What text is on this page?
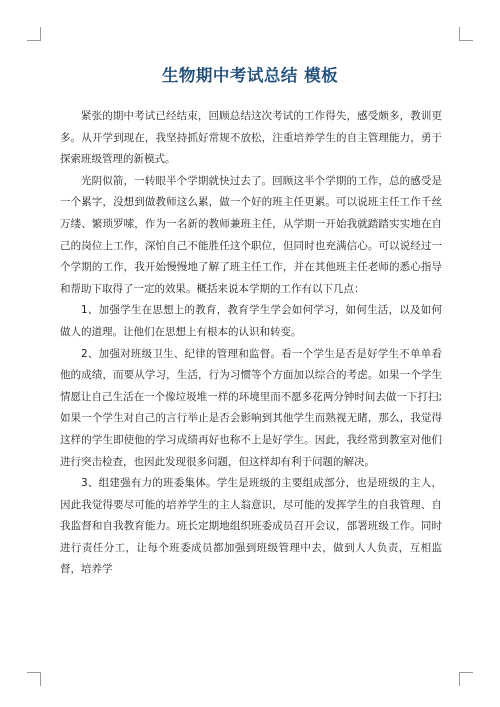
生物期中考试总结 模板

紧张的期中考试已经结束，回顾总结这次考试的工作得失，感受颇多，教训更多。从开学到现在，我坚持抓好常规不放松，注重培养学生的自主管理能力，勇于探索班级管理的新模式。

光阴似箭，一转眼半个学期就快过去了。回顾这半个学期的工作，总的感受是一个累字，没想到做教师这么累，做一个好的班主任更累。可以说班主任工作千丝万缕、繁琐罗嗦，作为一名新的教师兼班主任，从学期一开始我就踏踏实实地在自己的岗位上工作，深怕自己不能胜任这个职位，但同时也充满信心。可以说经过一个学期的工作，我开始慢慢地了解了班主任工作，并在其他班主任老师的悉心指导和帮助下取得了一定的效果。概括来说本学期的工作有以下几点：

1、加强学生在思想上的教育，教育学生学会如何学习，如何生活，以及如何做人的道理。让他们在思想上有根本的认识和转变。

2、加强对班级卫生、纪律的管理和监督。看一个学生是否是好学生不单单看他的成绩，而要从学习，生活，行为习惯等个方面加以综合的考虑。如果一个学生情愿让自己生活在一个像垃圾堆一样的环境里而不愿多花两分钟时间去做一下打扫;如果一个学生对自己的言行举止是否会影响到其他学生而熟视无睹，那么，我觉得这样的学生即使他的学习成绩再好也称不上是好学生。因此，我经常到教室对他们进行突击检查，也因此发现很多问题，但这样却有利于问题的解决。

3、组建强有力的班委集体。学生是班级的主要组成部分，也是班级的主人，因此我觉得要尽可能的培养学生的主人翁意识，尽可能的发挥学生的自我管理、自我监督和自我教育能力。班长定期地组织班委成员召开会议，部署班级工作。同时进行责任分工，让每个班委成员都加强到班级管理中去，做到人人负责，互相监督，培养学
